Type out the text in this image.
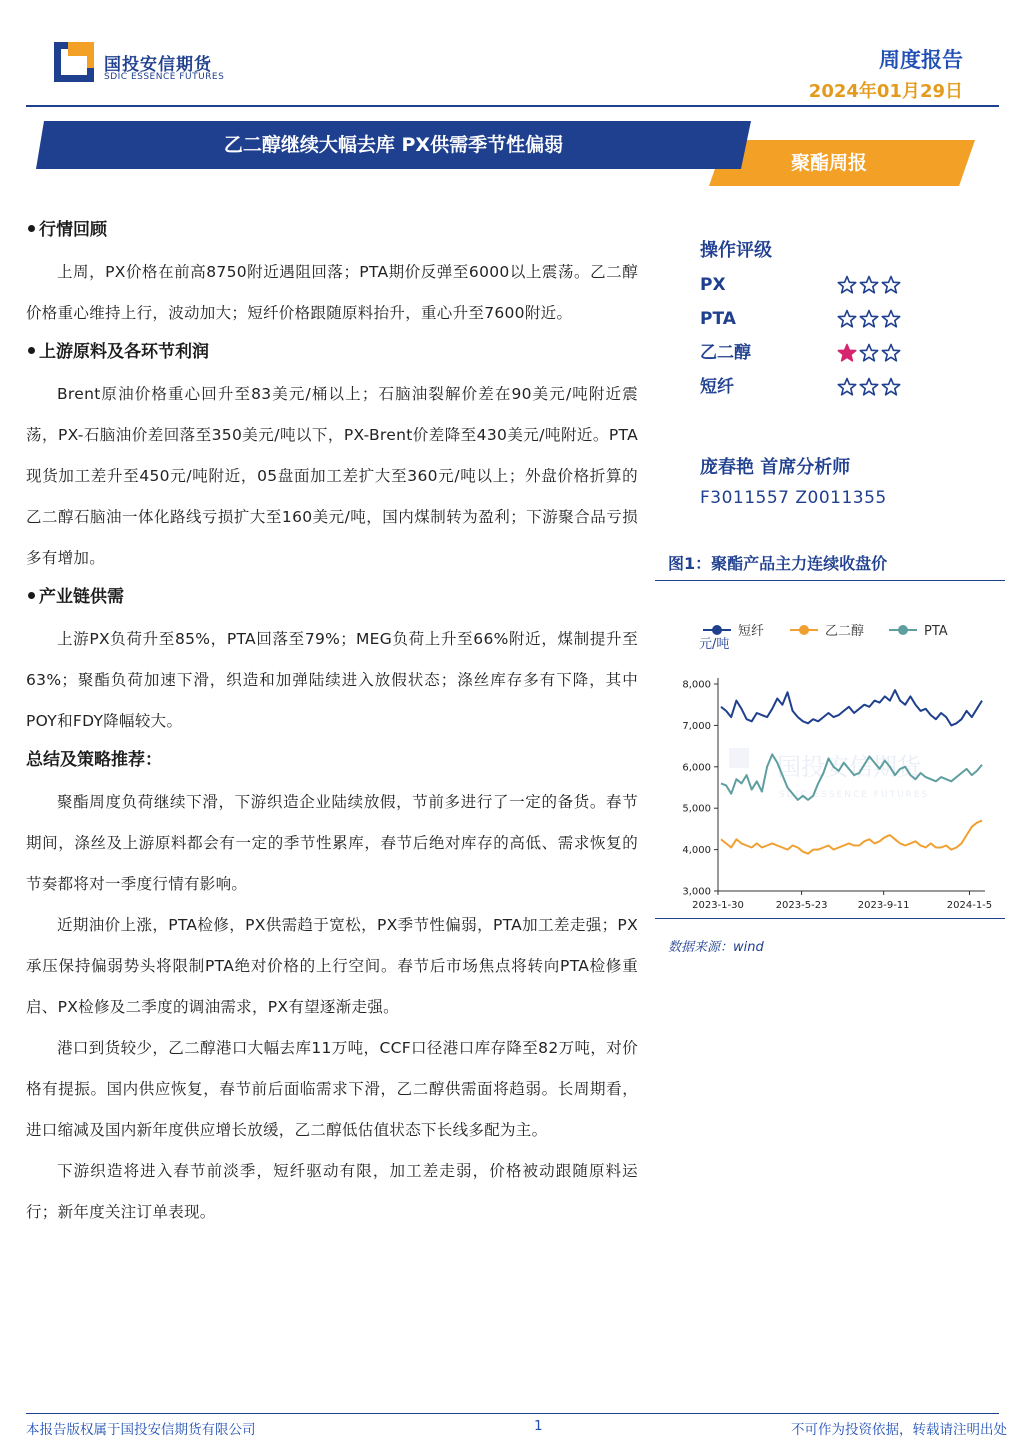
国投安信期货
SDIC ESSENCE FUTURES
周度报告
2024年01月29日
聚酯周报
乙二醇继续大幅去库 PX供需季节性偏弱
行情回顾

上周，PX价格在前高8750附近遇阻回落；PTA期价反弹至6000以上震荡。乙二醇价格重心维持上行，波动加大；短纤价格跟随原料抬升，重心升至7600附近。

上游原料及各环节利润

Brent原油价格重心回升至83美元/桶以上；石脑油裂解价差在90美元/吨附近震荡，PX-石脑油价差回落至350美元/吨以下，PX-Brent价差降至430美元/吨附近。PTA现货加工差升至450元/吨附近，05盘面加工差扩大至360元/吨以上；外盘价格折算的乙二醇石脑油一体化路线亏损扩大至160美元/吨，国内煤制转为盈利；下游聚合品亏损多有增加。

产业链供需

上游PX负荷升至85%，PTA回落至79%；MEG负荷上升至66%附近，煤制提升至63%；聚酯负荷加速下滑，织造和加弹陆续进入放假状态；涤丝库存多有下降，其中POY和FDY降幅较大。

总结及策略推荐：

聚酯周度负荷继续下滑，下游织造企业陆续放假，节前多进行了一定的备货。春节期间，涤丝及上游原料都会有一定的季节性累库，春节后绝对库存的高低、需求恢复的节奏都将对一季度行情有影响。

近期油价上涨，PTA检修，PX供需趋于宽松，PX季节性偏弱，PTA加工差走强；PX承压保持偏弱势头将限制PTA绝对价格的上行空间。春节后市场焦点将转向PTA检修重启、PX检修及二季度的调油需求，PX有望逐渐走强。

港口到货较少，乙二醇港口大幅去库11万吨，CCF口径港口库存降至82万吨，对价格有提振。国内供应恢复，春节前后面临需求下滑，乙二醇供需面将趋弱。长周期看，进口缩减及国内新年度供应增长放缓，乙二醇低估值状态下长线多配为主。

下游织造将进入春节前淡季，短纤驱动有限，加工差走弱，价格被动跟随原料运行；新年度关注订单表现。

操作评级
PX
PTA
乙二醇
短纤
庞春艳 首席分析师
F3011557 Z0011355
图1：聚酯产品主力连续收盘价
国投安信期货
SDIC ESSENCE FUTURES
3,000
4,000
5,000
6,000
7,000
8,000
元/吨
2023-1-30	2023-5-23	2023-9-11	2024-1-5
短纤	乙二醇	PTA
数据来源：wind
本报告版权属于国投安信期货有限公司	1	不可作为投资依据，转载请注明出处
